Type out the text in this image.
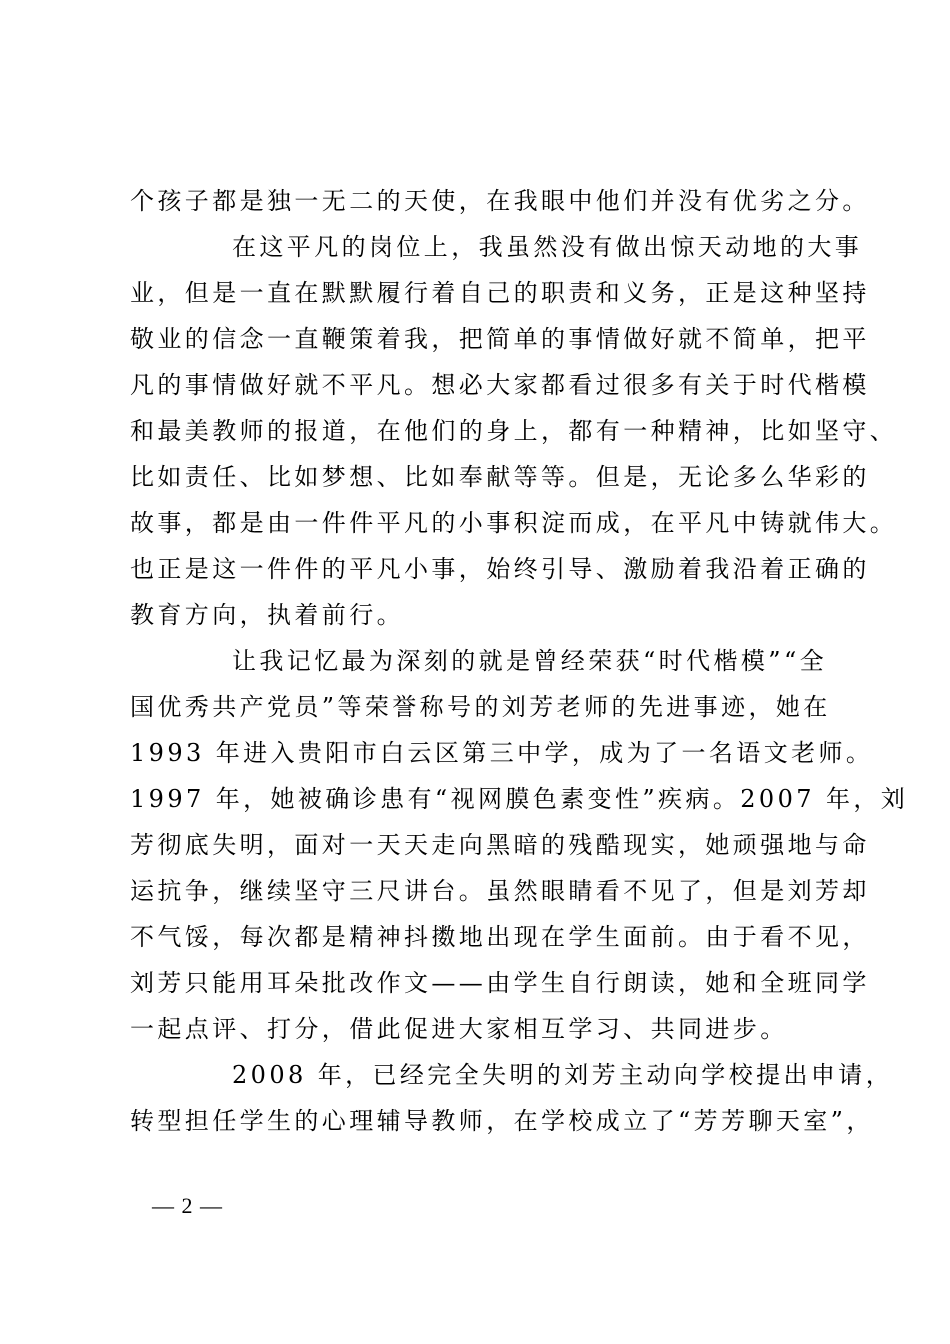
个孩子都是独一无二的天使，在我眼中他们并没有优劣之分。
在这平凡的岗位上，我虽然没有做出惊天动地的大事
业，但是一直在默默履行着自己的职责和义务，正是这种坚持
敬业的信念一直鞭策着我，把简单的事情做好就不简单，把平
凡的事情做好就不平凡。想必大家都看过很多有关于时代楷模
和最美教师的报道，在他们的身上，都有一种精神，比如坚守、
比如责任、比如梦想、比如奉献等等。但是，无论多么华彩的
故事，都是由一件件平凡的小事积淀而成，在平凡中铸就伟大。
也正是这一件件的平凡小事，始终引导、激励着我沿着正确的
教育方向，执着前行。
让我记忆最为深刻的就是曾经荣获“时代楷模”“全
国优秀共产党员”等荣誉称号的刘芳老师的先进事迹，她在
1993 年进入贵阳市白云区第三中学，成为了一名语文老师。
1997 年，她被确诊患有“视网膜色素变性”疾病。2007 年，刘
芳彻底失明，面对一天天走向黑暗的残酷现实，她顽强地与命
运抗争，继续坚守三尺讲台。虽然眼睛看不见了，但是刘芳却
不气馁，每次都是精神抖擞地出现在学生面前。由于看不见，
刘芳只能用耳朵批改作文——由学生自行朗读，她和全班同学
一起点评、打分，借此促进大家相互学习、共同进步。
2008 年，已经完全失明的刘芳主动向学校提出申请，
转型担任学生的心理辅导教师，在学校成立了“芳芳聊天室”，
— 2 —
